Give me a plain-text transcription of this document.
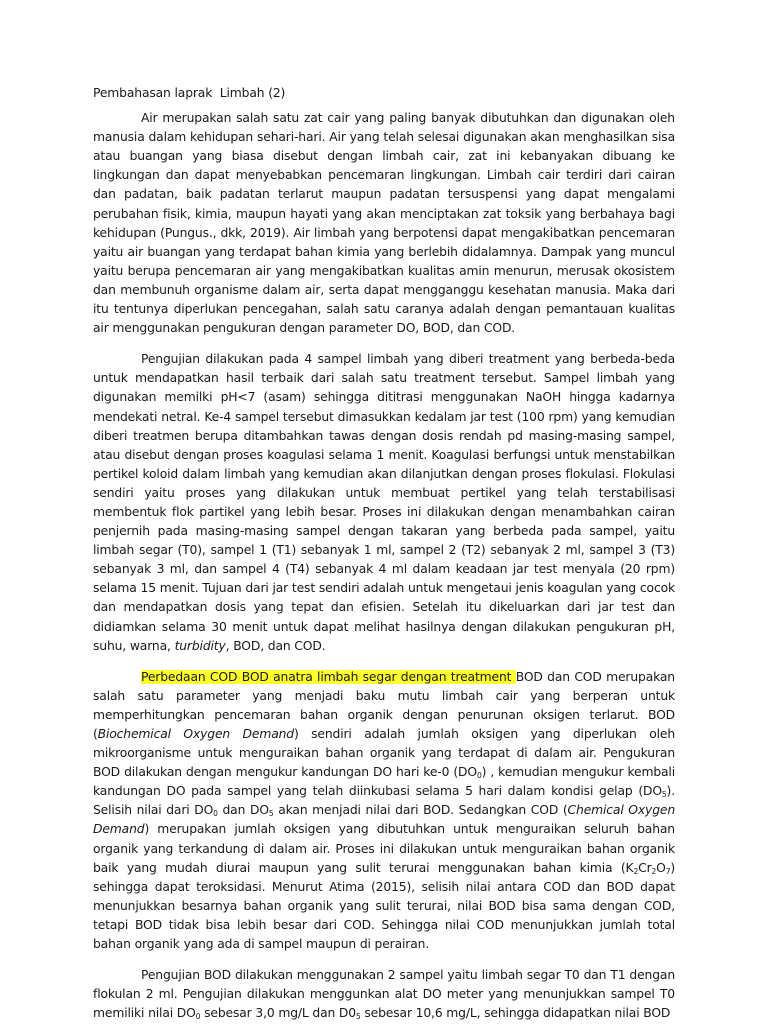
Pembahasan laprak  Limbah (2)

Air merupakan salah satu zat cair yang paling banyak dibutuhkan dan digunakan oleh manusia dalam kehidupan sehari-hari. Air yang telah selesai digunakan akan menghasilkan sisa atau buangan yang biasa disebut dengan limbah cair, zat ini kebanyakan dibuang ke lingkungan dan dapat menyebabkan pencemaran lingkungan. Limbah cair terdiri dari cairan dan padatan, baik padatan terlarut maupun padatan tersuspensi yang dapat mengalami perubahan fisik, kimia, maupun hayati yang akan menciptakan zat toksik yang berbahaya bagi kehidupan (Pungus., dkk, 2019). Air limbah yang berpotensi dapat mengakibatkan pencemaran yaitu air buangan yang terdapat bahan kimia yang berlebih didalamnya. Dampak yang muncul yaitu berupa pencemaran air yang mengakibatkan kualitas amin menurun, merusak okosistem dan membunuh organisme dalam air, serta dapat mengganggu kesehatan manusia. Maka dari itu tentunya diperlukan pencegahan, salah satu caranya adalah dengan pemantauan kualitas air menggunakan pengukuran dengan parameter DO, BOD, dan COD.

Pengujian dilakukan pada 4 sampel limbah yang diberi treatment yang berbeda-beda untuk mendapatkan hasil terbaik dari salah satu treatment tersebut. Sampel limbah yang digunakan memilki pH<7 (asam) sehingga dititrasi menggunakan NaOH hingga kadarnya mendekati netral. Ke-4 sampel tersebut dimasukkan kedalam jar test (100 rpm) yang kemudian diberi treatmen berupa ditambahkan tawas dengan dosis rendah pd masing-masing sampel, atau disebut dengan proses koagulasi selama 1 menit. Koagulasi berfungsi untuk menstabilkan pertikel koloid dalam limbah yang kemudian akan dilanjutkan dengan proses flokulasi. Flokulasi sendiri yaitu proses yang dilakukan untuk membuat pertikel yang telah terstabilisasi membentuk flok partikel yang lebih besar. Proses ini dilakukan dengan menambahkan cairan penjernih pada masing-masing sampel dengan takaran yang berbeda pada sampel, yaitu limbah segar (T0), sampel 1 (T1) sebanyak 1 ml, sampel 2 (T2) sebanyak 2 ml, sampel 3 (T3) sebanyak 3 ml, dan sampel 4 (T4) sebanyak 4 ml dalam keadaan jar test menyala (20 rpm) selama 15 menit. Tujuan dari jar test sendiri adalah untuk mengetaui jenis koagulan yang cocok dan mendapatkan dosis yang tepat dan efisien. Setelah itu dikeluarkan dari jar test dan didiamkan selama 30 menit untuk dapat melihat hasilnya dengan dilakukan pengukuran pH, suhu, warna, turbidity, BOD, dan COD.

Perbedaan COD BOD anatra limbah segar dengan treatment BOD dan COD merupakan salah satu parameter yang menjadi baku mutu limbah cair yang berperan untuk memperhitungkan pencemaran bahan organik dengan penurunan oksigen terlarut. BOD (Biochemical Oxygen Demand) sendiri adalah jumlah oksigen yang diperlukan oleh mikroorganisme untuk menguraikan bahan organik yang terdapat di dalam air. Pengukuran BOD dilakukan dengan mengukur kandungan DO hari ke-0 $(DO_0)$ , kemudian mengukur kembali kandungan DO pada sampel yang telah diinkubasi selama 5 hari dalam kondisi gelap $(DO_5)$. Selisih nilai dari $DO_0$ dan $DO_5$ akan menjadi nilai dari BOD. Sedangkan COD (Chemical Oxygen Demand) merupakan jumlah oksigen yang dibutuhkan untuk menguraikan seluruh bahan organik yang terkandung di dalam air. Proses ini dilakukan untuk menguraikan bahan organik baik yang mudah diurai maupun yang sulit terurai menggunakan bahan kimia $(K_2Cr_2O_7)$ sehingga dapat teroksidasi. Menurut Atima (2015), selisih nilai antara COD dan BOD dapat menunjukkan besarnya bahan organik yang sulit terurai, nilai BOD bisa sama dengan COD, tetapi BOD tidak bisa lebih besar dari COD. Sehingga nilai COD menunjukkan jumlah total bahan organik yang ada di sampel maupun di perairan.

Pengujian BOD dilakukan menggunakan 2 sampel yaitu limbah segar T0 dan T1 dengan flokulan 2 ml. Pengujian dilakukan menggunkan alat DO meter yang menunjukkan sampel T0 memiliki nilai $DO_0$ sebesar 3,0 mg/L dan $D0_5$ sebesar 10,6 mg/L, sehingga didapatkan nilai BOD
